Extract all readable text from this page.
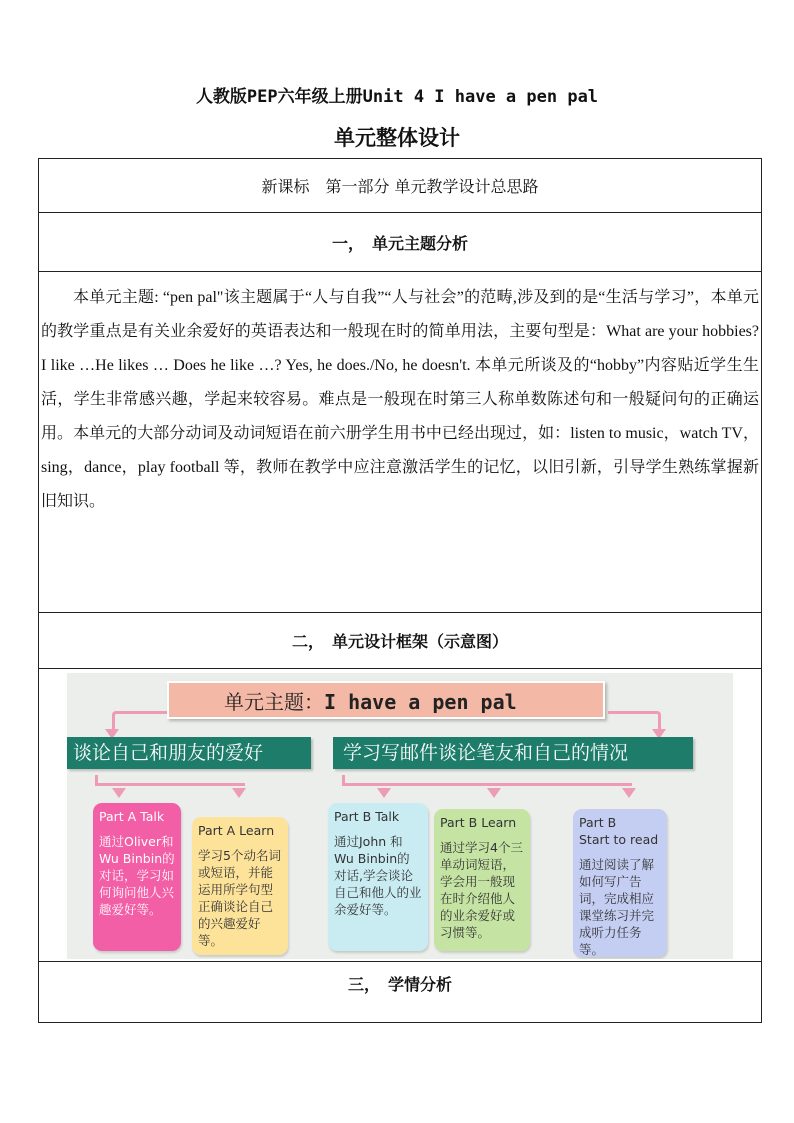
人教版PEP六年级上册Unit 4 I have a pen pal
单元整体设计
新课标　第一部分 单元教学设计总思路
一，　单元主题分析

本单元主题: “pen pal"该主题属于“人与自我”“人与社会”的范畴,涉及到的是“生活与学习”，本单元的教学重点是有关业余爱好的英语表达和一般现在时的简单用法，主要句型是：What are your hobbies? I like …He likes … Does he like …? Yes, he does./No, he doesn't. 本单元所谈及的“hobby”内容贴近学生生活，学生非常感兴趣，学起来较容易。难点是一般现在时第三人称单数陈述句和一般疑问句的正确运用。本单元的大部分动词及动词短语在前六册学生用书中已经出现过，如：listen to music，watch TV，sing，dance，play football 等，教师在教学中应注意激活学生的记忆，以旧引新，引导学生熟练掌握新旧知识。

二，　单元设计框架（示意图）

单元主题：I have a pen pal
谈论自己和朋友的爱好	学习写邮件谈论笔友和自己的情况
Part A Talk
通过Oliver和Wu Binbin的对话，学习如何询问他人兴趣爱好等。
Part A Learn
学习5个动名词或短语，并能运用所学句型正确谈论自己的兴趣爱好等。
Part B Talk
通过John 和Wu Binbin的对话,学会谈论自己和他人的业余爱好等。
Part B Learn
通过学习4个三单动词短语，学会用一般现在时介绍他人的业余爱好或习惯等。
Part B
Start to read
通过阅读了解如何写广告词，完成相应课堂练习并完成听力任务等。

三，　学情分析
